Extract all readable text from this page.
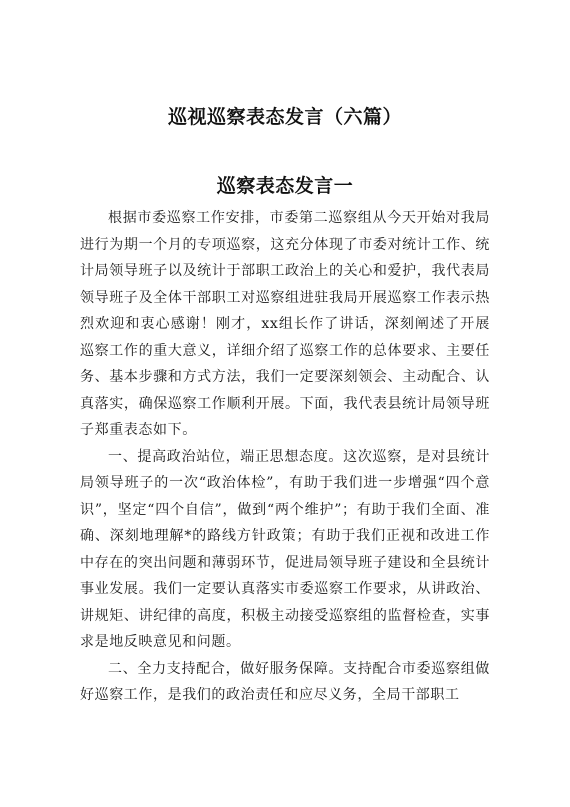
巡视巡察表态发言（六篇）
巡察表态发言一

根据市委巡察工作安排，市委第二巡察组从今天开始对我局进行为期一个月的专项巡察，这充分体现了市委对统计工作、统计局领导班子以及统计于部职工政治上的关心和爱护，我代表局领导班子及全体干部职工对巡察组进驻我局开展巡察工作表示热烈欢迎和衷心感谢！刚才，xx组长作了讲话，深刻阐述了开展巡察工作的重大意义，详细介绍了巡察工作的总体要求、主要任务、基本步骤和方式方法，我们一定要深刻领会、主动配合、认真落实，确保巡察工作顺利开展。下面，我代表县统计局领导班子郑重表态如下。

一、提高政治站位，端正思想态度。这次巡察，是对县统计局领导班子的一次“政治体检”，有助于我们进一步增强“四个意识”，坚定“四个自信”，做到“两个维护”；有助于我们全面、准确、深刻地理解*的路线方针政策；有助于我们正视和改进工作中存在的突出问题和薄弱环节，促进局领导班子建设和全县统计事业发展。我们一定要认真落实市委巡察工作要求，从讲政治、讲规矩、讲纪律的高度，积极主动接受巡察组的监督检查，实事求是地反映意见和问题。

二、全力支持配合，做好服务保障。支持配合市委巡察组做好巡察工作，是我们的政治责任和应尽义务，全局干部职工
